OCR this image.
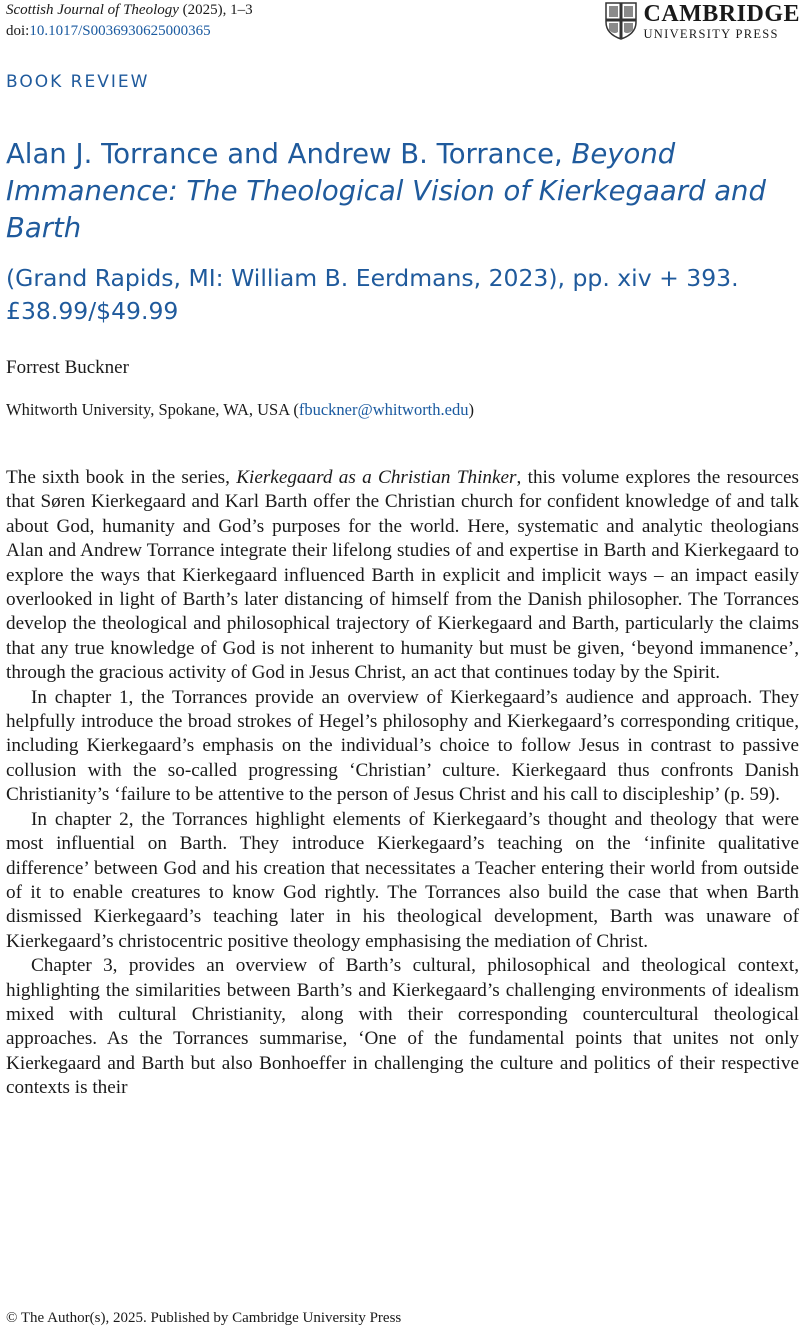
Scottish Journal of Theology (2025), 1–3
doi:10.1017/S0036930625000365
CAMBRIDGE
UNIVERSITY PRESS
BOOK REVIEW
Alan J. Torrance and Andrew B. Torrance, Beyond Immanence: The Theological Vision of Kierkegaard and Barth
(Grand Rapids, MI: William B. Eerdmans, 2023), pp. xiv + 393. £38.99/$49.99
Forrest Buckner
Whitworth University, Spokane, WA, USA (fbuckner@whitworth.edu)

The sixth book in the series, Kierkegaard as a Christian Thinker, this volume explores the resources that Søren Kierkegaard and Karl Barth offer the Christian church for confident knowledge of and talk about God, humanity and God’s purposes for the world. Here, systematic and analytic theologians Alan and Andrew Torrance integrate their lifelong studies of and expertise in Barth and Kierkegaard to explore the ways that Kierkegaard influenced Barth in explicit and implicit ways – an impact easily overlooked in light of Barth’s later distancing of himself from the Danish philosopher. The Torrances develop the theological and philosophical trajectory of Kierkegaard and Barth, particularly the claims that any true knowledge of God is not inherent to humanity but must be given, ‘beyond immanence’, through the gracious activity of God in Jesus Christ, an act that continues today by the Spirit.

In chapter 1, the Torrances provide an overview of Kierkegaard’s audience and approach. They helpfully introduce the broad strokes of Hegel’s philosophy and Kierkegaard’s corresponding critique, including Kierkegaard’s emphasis on the individual’s choice to follow Jesus in contrast to passive collusion with the so-called progressing ‘Christian’ culture. Kierkegaard thus confronts Danish Christianity’s ‘failure to be attentive to the person of Jesus Christ and his call to discipleship’ (p. 59).

In chapter 2, the Torrances highlight elements of Kierkegaard’s thought and theology that were most influential on Barth. They introduce Kierkegaard’s teaching on the ‘infinite qualitative difference’ between God and his creation that necessitates a Teacher entering their world from outside of it to enable creatures to know God rightly. The Torrances also build the case that when Barth dismissed Kierkegaard’s teaching later in his theological development, Barth was unaware of Kierkegaard’s christocentric positive theology emphasising the mediation of Christ.

Chapter 3, provides an overview of Barth’s cultural, philosophical and theological context, highlighting the similarities between Barth’s and Kierkegaard’s challenging environments of idealism mixed with cultural Christianity, along with their corresponding countercultural theological approaches. As the Torrances summarise, ‘One of the fundamental points that unites not only Kierkegaard and Barth but also Bonhoeffer in challenging the culture and politics of their respective contexts is their

© The Author(s), 2025. Published by Cambridge University Press
